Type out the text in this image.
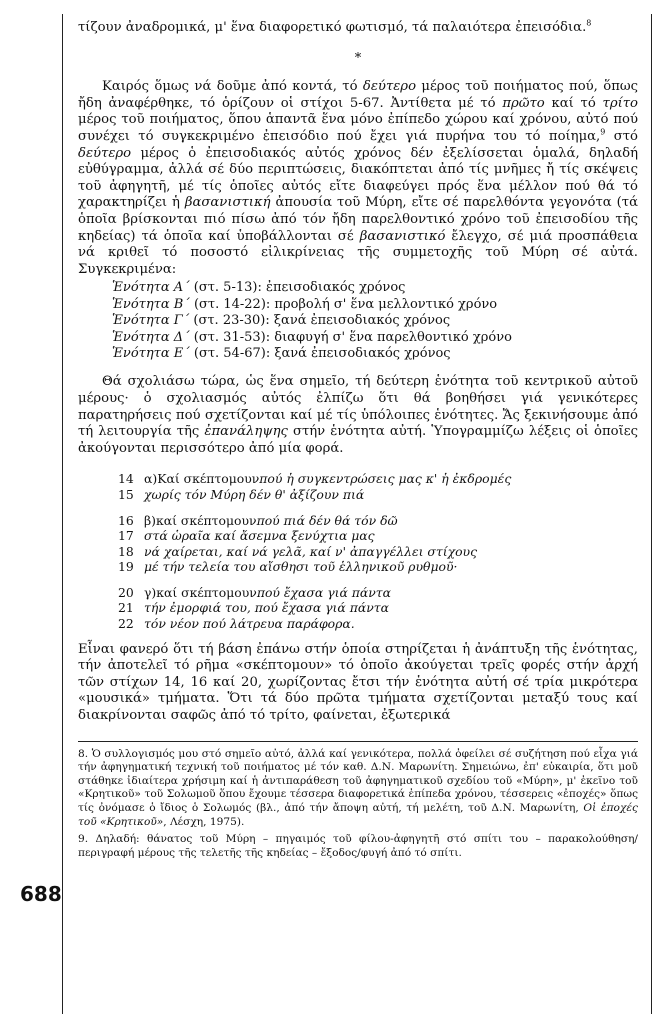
τίζουν ἀναδρομικά, μ' ἕνα διαφορετικό φωτισμό, τά παλαιότερα ἐπεισόδια.$^8$

*

Καιρός ὅμως νά δοῦμε ἀπό κοντά, τό δεύτερο μέρος τοῦ ποιήματος πού, ὅπως ἤδη ἀναφέρθηκε, τό ὁρίζουν οἱ στίχοι 5-67. Ἀντίθετα μέ τό πρῶτο καί τό τρίτο μέρος τοῦ ποιήματος, ὅπου ἁπαντᾶ ἕνα μόνο ἐπίπεδο χώρου καί χρόνου, αὐτό πού συνέχει τό συγκεκριμένο ἐπεισόδιο πού ἔχει γιά πυρήνα του τό ποίημα,$^9$ στό δεύτερο μέρος ὁ ἐπεισοδιακός αὐτός χρόνος δέν ἐξελίσσεται ὁμαλά, δηλαδή εὐθύγραμμα, ἀλλά σέ δύο περιπτώσεις, διακόπτεται ἀπό τίς μνῆμες ἤ τίς σκέψεις τοῦ ἀφηγητῆ, μέ τίς ὁποῖες αὐτός εἴτε διαφεύγει πρός ἕνα μέλλον πού θά τό χαρακτηρίζει ἡ βασανιστική ἀπουσία τοῦ Μύρη, εἴτε σέ παρελθόντα γεγονότα (τά ὁποῖα βρίσκονται πιό πίσω ἀπό τόν ἤδη παρελθοντικό χρόνο τοῦ ἐπεισοδίου τῆς κηδείας) τά ὁποῖα καί ὑποβάλλονται σέ βασανιστικό ἔλεγχο, σέ μιά προσπάθεια νά κριθεῖ τό ποσοστό εἰλικρίνειας τῆς συμμετοχῆς τοῦ Μύρη σέ αὐτά. Συγκεκριμένα:

Ἑνότητα Α΄ (στ. 5-13): ἐπεισοδιακός χρόνος
Ἑνότητα Β΄ (στ. 14-22): προβολή σ' ἕνα μελλοντικό χρόνο
Ἑνότητα Γ΄ (στ. 23-30): ξανά ἐπεισοδιακός χρόνος
Ἑνότητα Δ΄ (στ. 31-53): διαφυγή σ' ἕνα παρελθοντικό χρόνο
Ἑνότητα Ε΄ (στ. 54-67): ξανά ἐπεισοδιακός χρόνος

Θά σχολιάσω τώρα, ὡς ἕνα σημεῖο, τή δεύτερη ἑνότητα τοῦ κεντρικοῦ αὐτοῦ μέρους· ὁ σχολιασμός αὐτός ἐλπίζω ὅτι θά βοηθήσει γιά γενικότερες παρατηρήσεις πού σχετίζονται καί μέ τίς ὑπόλοιπες ἑνότητες. Ἄς ξεκινήσουμε ἀπό τή λειτουργία τῆς ἐπανάληψης στήν ἑνότητα αὐτή. Ὑπογραμμίζω λέξεις οἱ ὁποῖες ἀκούγονται περισσότερο ἀπό μία φορά.

14 α) Καί σκέπτομουν πού ἡ συγκεντρώσεις μας κ' ἡ ἐκδρομές
15 χωρίς τόν Μύρη δέν θ' ἀξίζουν πιά
16 β) καί σκέπτομουν πού πιά δέν θά τόν δῶ
17 στά ὡραῖα καί ἄσεμνα ξενύχτια μας
18 νά χαίρεται, καί νά γελᾶ, καί ν' ἀπαγγέλλει στίχους
19 μέ τήν τελεία του αἴσθησι τοῦ ἑλληνικοῦ ρυθμοῦ·
20 γ) καί σκέπτομουν πού ἔχασα γιά πάντα
21 τήν ἐμορφιά του, πού ἔχασα γιά πάντα
22 τόν νέον πού λάτρευα παράφορα.

Εἶναι φανερό ὅτι τή βάση ἐπάνω στήν ὁποία στηρίζεται ἡ ἀνάπτυξη τῆς ἑνότητας, τήν ἀποτελεῖ τό ρῆμα «σκέπτομουν» τό ὁποῖο ἀκούγεται τρεῖς φορές στήν ἀρχή τῶν στίχων 14, 16 καί 20, χωρίζοντας ἔτσι τήν ἑνότητα αὐτή σέ τρία μικρότερα «μουσικά» τμήματα. Ὅτι τά δύο πρῶτα τμήματα σχετίζονται μεταξύ τους καί διακρίνονται σαφῶς ἀπό τό τρίτο, φαίνεται, ἐξωτερικά

8. Ὁ συλλογισμός μου στό σημεῖο αὐτό, ἀλλά καί γενικότερα, πολλά ὀφείλει σέ συζήτηση πού εἶχα γιά τήν ἀφηγηματική τεχνική τοῦ ποιήματος μέ τόν καθ. Δ.Ν. Μαρωνίτη. Σημειώνω, ἐπ' εὐκαιρία, ὅτι μοῦ στάθηκε ἰδιαίτερα χρήσιμη καί ἡ ἀντιπαράθεση τοῦ ἀφηγηματικοῦ σχεδίου τοῦ «Μύρη», μ' ἐκεῖνο τοῦ «Κρητικοῦ» τοῦ Σολωμοῦ ὅπου ἔχουμε τέσσερα διαφορετικά ἐπίπεδα χρόνου, τέσσερεις «ἐποχές» ὅπως τίς ὀνόμασε ὁ ἴδιος ὁ Σολωμός (βλ., ἀπό τήν ἄποψη αὐτή, τή μελέτη, τοῦ Δ.Ν. Μαρωνίτη, Οἱ ἐποχές τοῦ «Κρητικοῦ», Λέσχη, 1975).

9. Δηλαδή: θάνατος τοῦ Μύρη – πηγαιμός τοῦ φίλου-ἀφηγητῆ στό σπίτι του – παρακολούθηση/περιγραφή μέρους τῆς τελετῆς τῆς κηδείας – ἔξοδος/φυγή ἀπό τό σπίτι.

688
